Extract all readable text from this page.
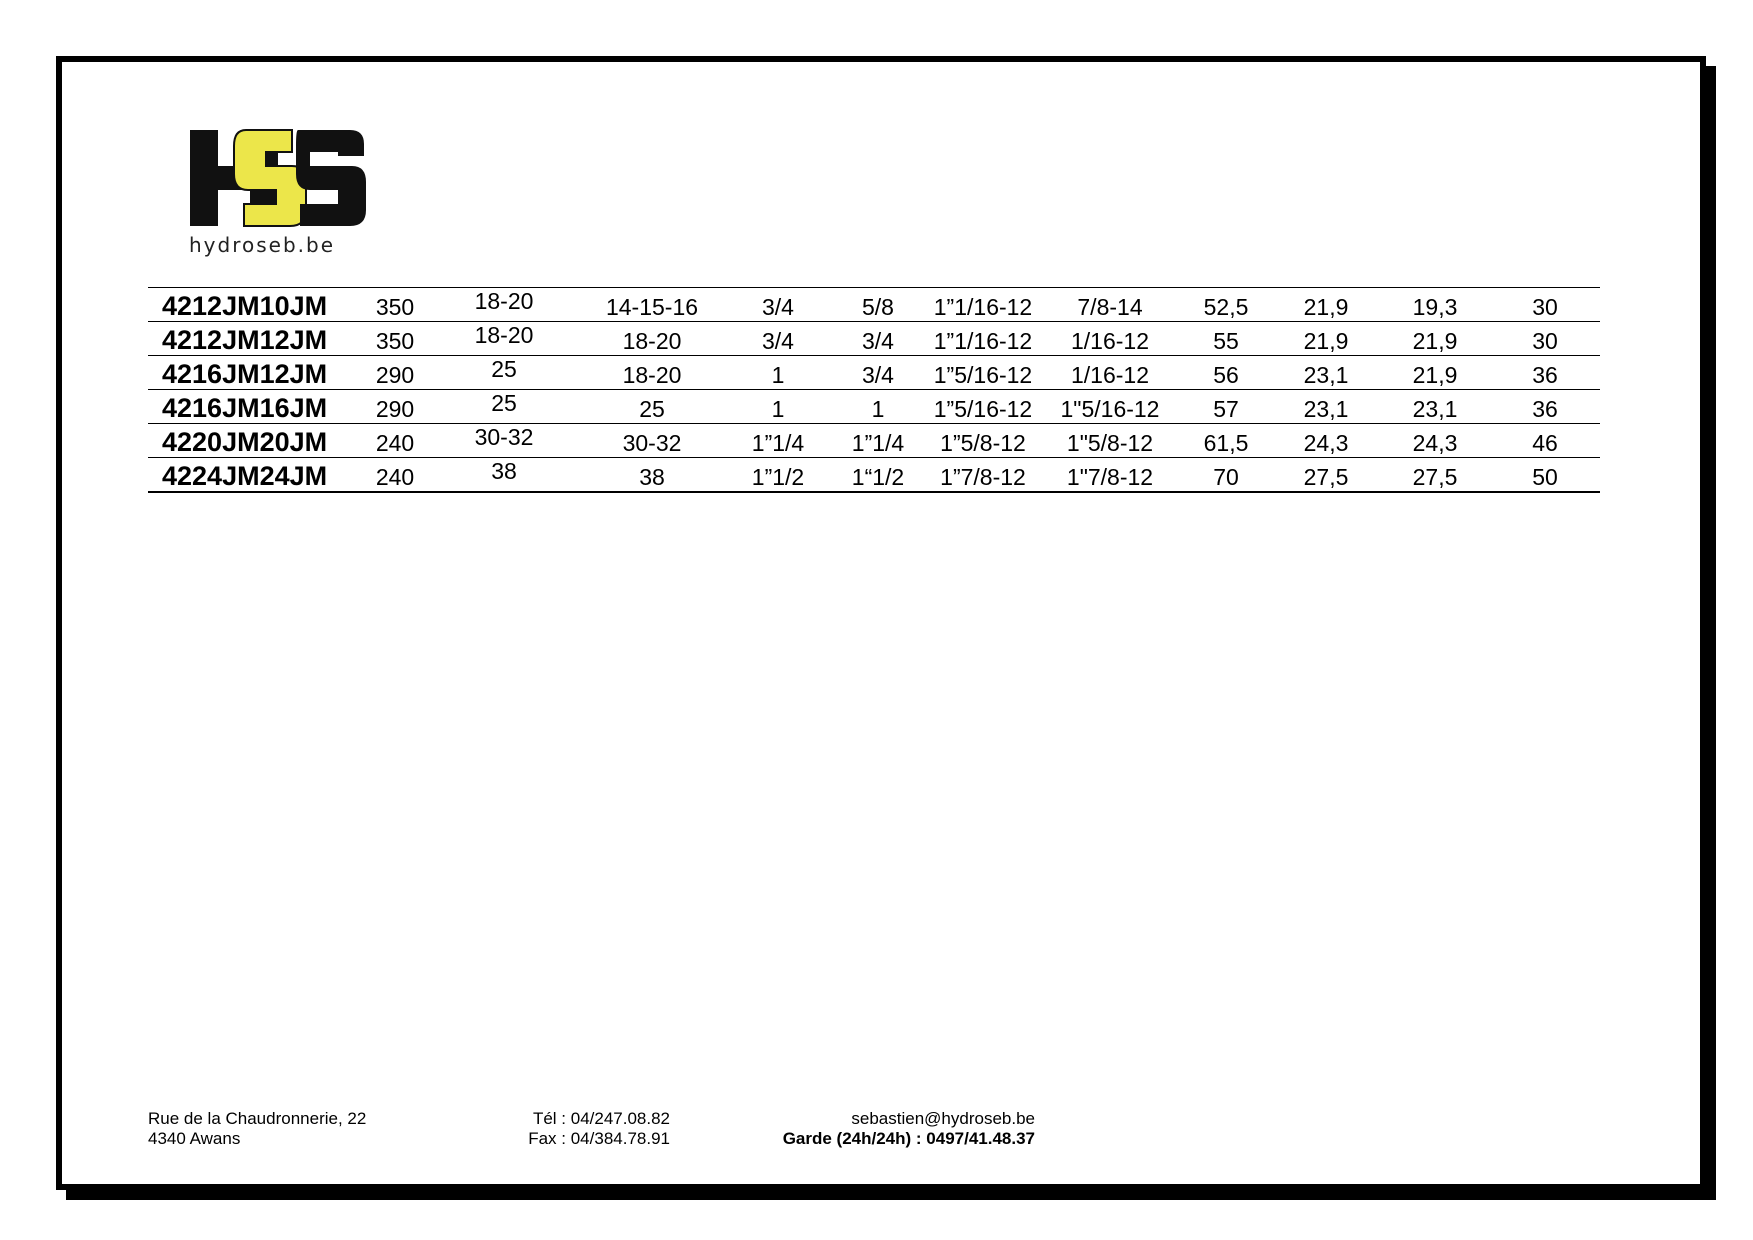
hydroseb.be
4212JM10JM	350	18-20	14-15-16	3/4	5/8	1”1/16-12	7/8-14	52,5	21,9	19,3	30
4212JM12JM	350	18-20	18-20	3/4	3/4	1”1/16-12	1/16-12	55	21,9	21,9	30
4216JM12JM	290	25	18-20	1	3/4	1”5/16-12	1/16-12	56	23,1	21,9	36
4216JM16JM	290	25	25	1	1	1”5/16-12	1"5/16-12	57	23,1	23,1	36
4220JM20JM	240	30-32	30-32	1”1/4	1”1/4	1”5/8-12	1"5/8-12	61,5	24,3	24,3	46
4224JM24JM	240	38	38	1”1/2	1“1/2	1”7/8-12	1"7/8-12	70	27,5	27,5	50
Rue de la Chaudronnerie, 22
4340 Awans
Tél : 04/247.08.82
Fax : 04/384.78.91
sebastien@hydroseb.be
Garde (24h/24h) : 0497/41.48.37
